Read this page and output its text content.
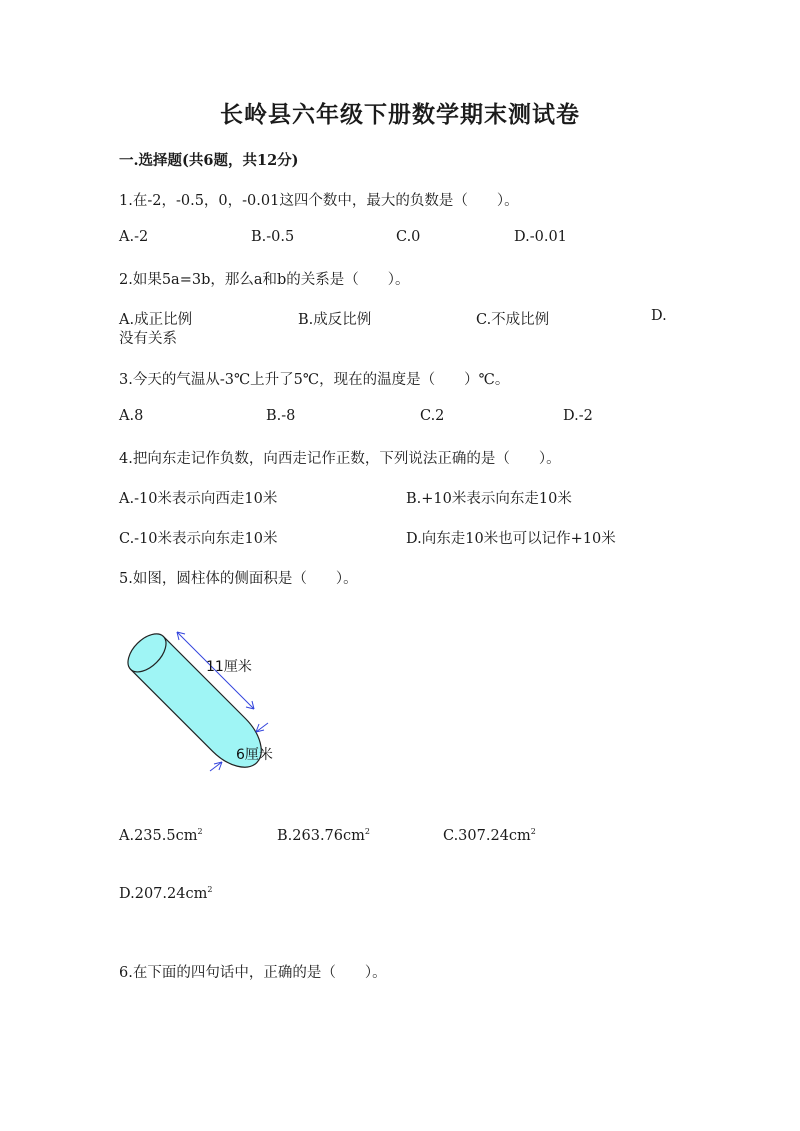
长岭县六年级下册数学期末测试卷
一.选择题(共6题，共12分)
1.在-2，-0.5，0，-0.01这四个数中，最大的负数是（　　）。
A.-2	B.-0.5	C.0	D.-0.01
2.如果5a=3b，那么a和b的关系是（　　）。
A.成正比例	B.成反比例	C.不成比例	D.
没有关系
3.今天的气温从-3℃上升了5℃，现在的温度是（　　）℃。
A.8	B.-8	C.2	D.-2
4.把向东走记作负数，向西走记作正数，下列说法正确的是（　　）。
A.-10米表示向西走10米	B.+10米表示向东走10米
C.-10米表示向东走10米	D.向东走10米也可以记作+10米
5.如图，圆柱体的侧面积是（　　）。
11厘米
6厘米
$A.235.5cm^2$	$B.263.76cm^2$	$C.307.24cm^2$
$D.207.24cm^2$
6.在下面的四句话中，正确的是（　　）。
